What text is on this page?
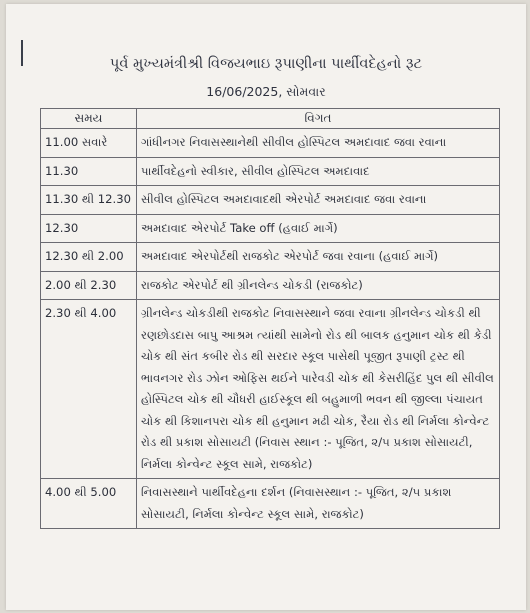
પૂર્વ મુખ્યમંત્રીશ્રી વિજયભાઇ રૂપાણીના પાર્થીવદેહનો રૂટ
16/06/2025, સોમવાર
સમય	વિગત
11.00 સવારે	ગાંધીનગર નિવાસસ્થાનેથી સીવીલ હોસ્પિટલ અમદાવાદ જવા રવાના
11.30	પાર્થીવદેહનો સ્વીકાર, સીવીલ હોસ્પિટલ અમદાવાદ
11.30 થી 12.30	સીવીલ હોસ્પિટલ અમદાવાદથી એરપોર્ટ અમદાવાદ જવા રવાના
12.30	અમદાવાદ એરપોર્ટ Take off (હવાઈ માર્ગે)
12.30 થી 2.00	અમદાવાદ એરપોર્ટથી રાજકોટ એરપોર્ટ જવા રવાના (હવાઈ માર્ગે)
2.00 થી 2.30	રાજકોટ એરપોર્ટ થી ગ્રીનલેન્ડ ચોકડી (રાજકોટ)
2.30 થી 4.00	ગ્રીનલેન્ડ ચોકડીથી રાજકોટ નિવાસસ્થાને જવા રવાના ગ્રીનલેન્ડ ચોકડી થી રણછોડદાસ બાપુ આશ્રમ ત્યાંથી સામેનો રોડ થી બાલક હનુમાન ચોક થી કેડી ચોક થી સંત કબીર રોડ થી સરદાર સ્કૂલ પાસેથી પૂજીત રૂપાણી ટ્રસ્ટ થી ભાવનગર રોડ ઝોન ઓફિસ થઈને પારેવડી ચોક થી કેસરીહિંદ પુલ થી સીવીલ હોસ્પિટલ ચોક થી ચૌધરી હાઈસ્કૂલ થી બહુમાળી ભવન થી જીલ્લા પંચાયત ચોક થી કિશાનપરા ચોક થી હનુમાન મઢી ચોક, રૈયા રોડ થી નિર્મલા કોન્વેન્ટ રોડ થી પ્રકાશ સોસાયટી (નિવાસ સ્થાન :- પૂજિત, ૨/૫ પ્રકાશ સોસાયટી, નિર્મલા કોન્વેન્ટ સ્કૂલ સામે, રાજકોટ)
4.00 થી 5.00	નિવાસસ્થાને પાર્થીવદેહના દર્શન (નિવાસસ્થાન :- પૂજિત, ૨/૫ પ્રકાશ સોસાયટી, નિર્મલા કોન્વેન્ટ સ્કૂલ સામે, રાજકોટ)
